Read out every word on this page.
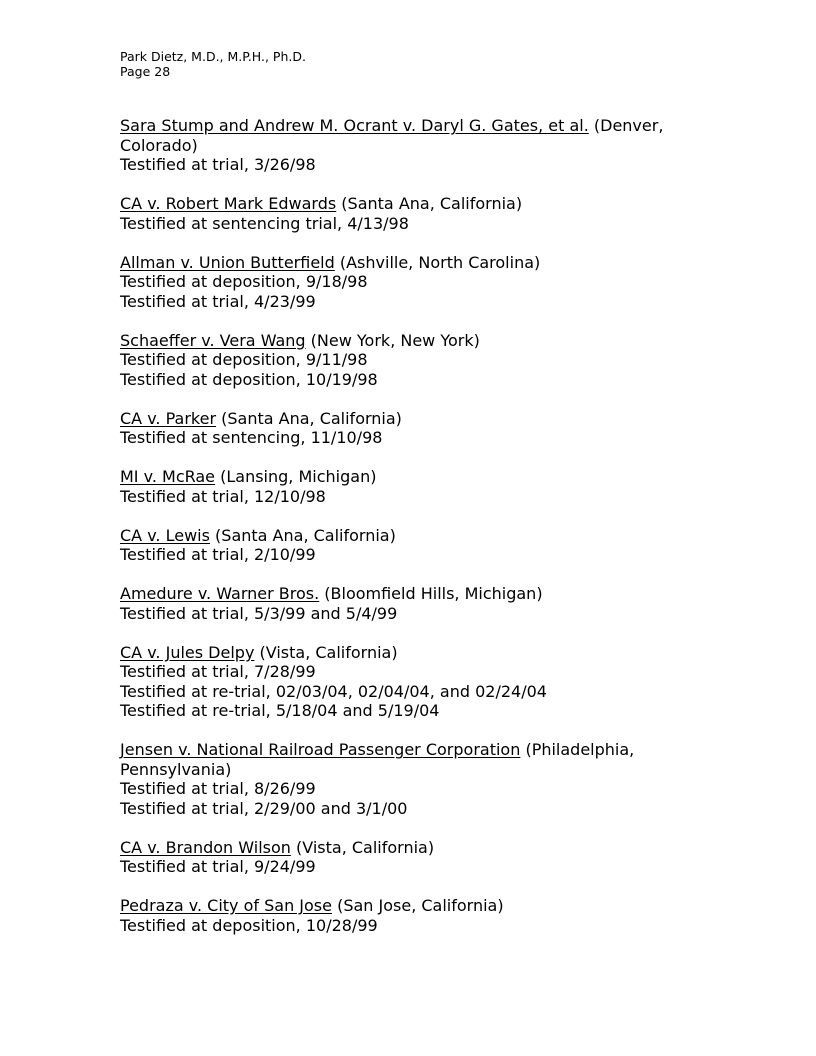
Park Dietz, M.D., M.P.H., Ph.D.
Page 28
Sara Stump and Andrew M. Ocrant v. Daryl G. Gates, et al. (Denver, Colorado)
Testified at trial, 3/26/98
CA v. Robert Mark Edwards (Santa Ana, California)
Testified at sentencing trial, 4/13/98
Allman v. Union Butterfield (Ashville, North Carolina)
Testified at deposition, 9/18/98
Testified at trial, 4/23/99
Schaeffer v. Vera Wang (New York, New York)
Testified at deposition, 9/11/98
Testified at deposition, 10/19/98
CA v. Parker (Santa Ana, California)
Testified at sentencing, 11/10/98
MI v. McRae (Lansing, Michigan)
Testified at trial, 12/10/98
CA v. Lewis (Santa Ana, California)
Testified at trial, 2/10/99
Amedure v. Warner Bros. (Bloomfield Hills, Michigan)
Testified at trial, 5/3/99 and 5/4/99
CA v. Jules Delpy (Vista, California)
Testified at trial, 7/28/99
Testified at re-trial, 02/03/04, 02/04/04, and 02/24/04
Testified at re-trial, 5/18/04 and 5/19/04
Jensen v. National Railroad Passenger Corporation (Philadelphia, Pennsylvania)
Testified at trial, 8/26/99
Testified at trial, 2/29/00 and 3/1/00
CA v. Brandon Wilson (Vista, California)
Testified at trial, 9/24/99
Pedraza v. City of San Jose (San Jose, California)
Testified at deposition, 10/28/99
